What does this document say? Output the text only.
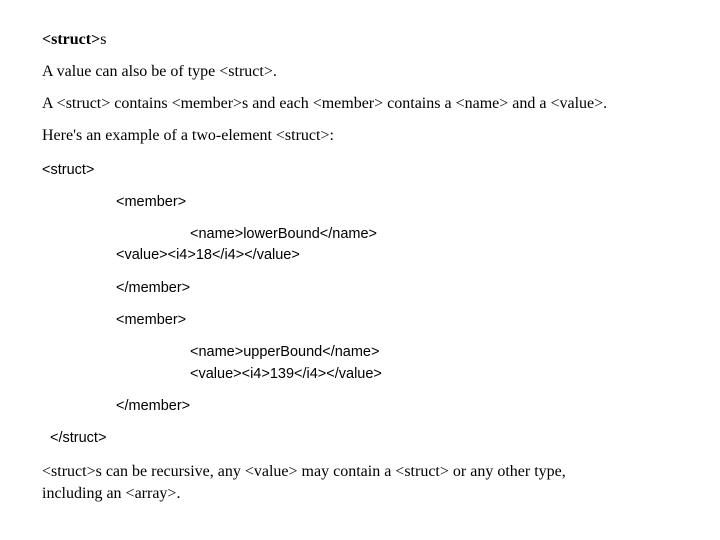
<struct>s
A value can also be of type <struct>.
A <struct> contains <member>s and each <member> contains a <name> and a <value>.
Here's an example of a two-element <struct>:
<struct>
<member>
<name>lowerBound</name>
<value><i4>18</i4></value>
</member>
<member>
<name>upperBound</name>
<value><i4>139</i4></value>
</member>
</struct>
<struct>s can be recursive, any <value> may contain a <struct> or any other type,
including an <array>.
